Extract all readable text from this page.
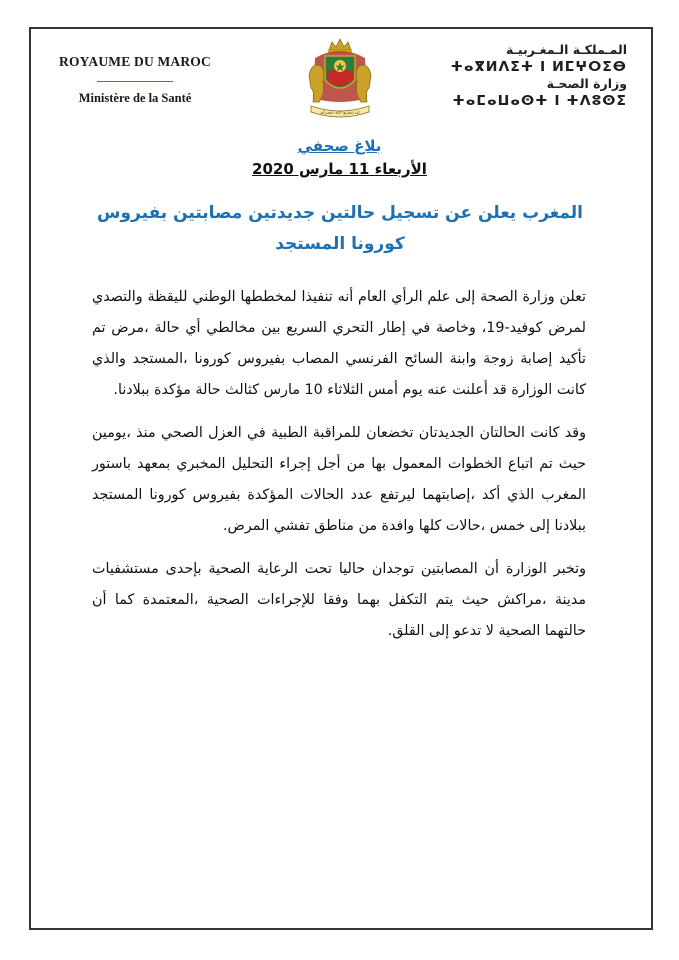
ROYAUME DU MAROC
Ministère de la Santé
إن تنصروا الله ينصركم
المـملكـة الـمغـربيـة
ⵜⴰⴳⵍⴷⵉⵜ ⵏ ⵍⵎⵖⵔⵉⴱ
وزارة الصحـة
ⵜⴰⵎⴰⵡⴰⵙⵜ ⵏ ⵜⴷⵓⵙⵉ
بلاغ صحفي
الأربعاء 11 مارس 2020
المغرب يعلن عن تسجيل حالتين جديدتين مصابتين بفيروس كورونا المستجد

تعلن وزارة الصحة إلى علم الرأي العام أنه تنفيذا لمخططها الوطني لليقظة والتصدي لمرض كوفيد-19، وخاصة في إطار التحري السريع بين مخالطي أي حالة ،مرض تم تأكيد إصابة زوجة وابنة السائح الفرنسي المصاب بفيروس كورونا ،المستجد والذي كانت الوزارة قد أعلنت عنه يوم أمس الثلاثاء 10 مارس كثالث حالة مؤكدة ببلادنا.

وقد كانت الحالتان الجديدتان تخضعان للمراقبة الطبية في العزل الصحي منذ ،يومين حيث تم اتباع الخطوات المعمول بها من أجل إجراء التحليل المخبري بمعهد باستور المغرب الذي أكد ،إصابتهما ليرتفع عدد الحالات المؤكدة بفيروس كورونا المستجد ببلادنا إلى خمس ،حالات كلها وافدة من مناطق تفشي المرض.

وتخبر الوزارة أن المصابتين توجدان حاليا تحت الرعاية الصحية بإحدى مستشفيات مدينة ،مراكش حيث يتم التكفل بهما وفقا للإجراءات الصحية ،المعتمدة كما أن حالتهما الصحية لا تدعو إلى القلق.
